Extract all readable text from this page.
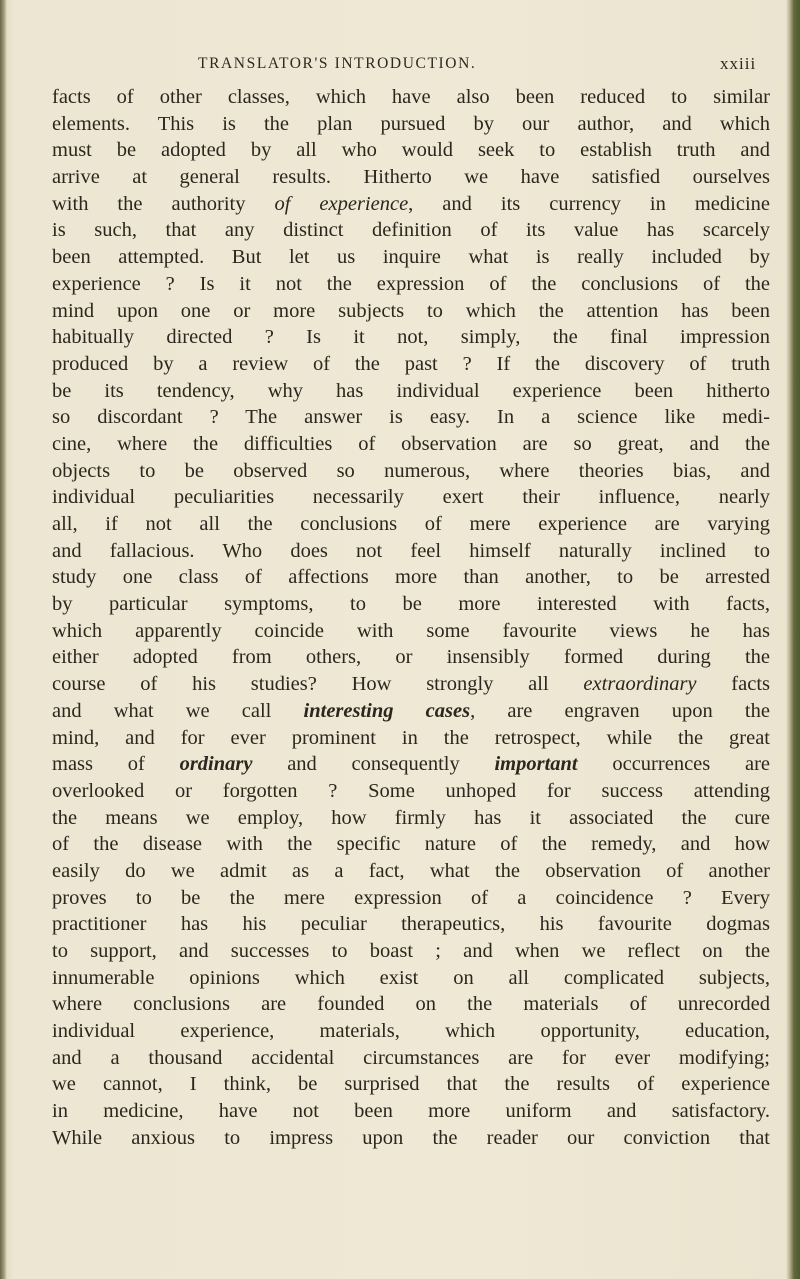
TRANSLATOR'S INTRODUCTION.	xxiii
facts of other classes, which have also been reduced to similar
elements. This is the plan pursued by our author, and which
must be adopted by all who would seek to establish truth and
arrive at general results. Hitherto we have satisfied ourselves
with the authority of experience, and its currency in medicine
is such, that any distinct definition of its value has scarcely
been attempted. But let us inquire what is really included by
experience ? Is it not the expression of the conclusions of the
mind upon one or more subjects to which the attention has been
habitually directed ? Is it not, simply, the final impression
produced by a review of the past ? If the discovery of truth
be its tendency, why has individual experience been hitherto
so discordant ? The answer is easy. In a science like medi-
cine, where the difficulties of observation are so great, and the
objects to be observed so numerous, where theories bias, and
individual peculiarities necessarily exert their influence, nearly
all, if not all the conclusions of mere experience are varying
and fallacious. Who does not feel himself naturally inclined to
study one class of affections more than another, to be arrested
by particular symptoms, to be more interested with facts,
which apparently coincide with some favourite views he has
either adopted from others, or insensibly formed during the
course of his studies? How strongly all extraordinary facts
and what we call interesting cases, are engraven upon the
mind, and for ever prominent in the retrospect, while the great
mass of ordinary and consequently important occurrences are
overlooked or forgotten ? Some unhoped for success attending
the means we employ, how firmly has it associated the cure
of the disease with the specific nature of the remedy, and how
easily do we admit as a fact, what the observation of another
proves to be the mere expression of a coincidence ? Every
practitioner has his peculiar therapeutics, his favourite dogmas
to support, and successes to boast ; and when we reflect on the
innumerable opinions which exist on all complicated subjects,
where conclusions are founded on the materials of unrecorded
individual experience, materials, which opportunity, education,
and a thousand accidental circumstances are for ever modifying;
we cannot, I think, be surprised that the results of experience
in medicine, have not been more uniform and satisfactory.
While anxious to impress upon the reader our conviction that
